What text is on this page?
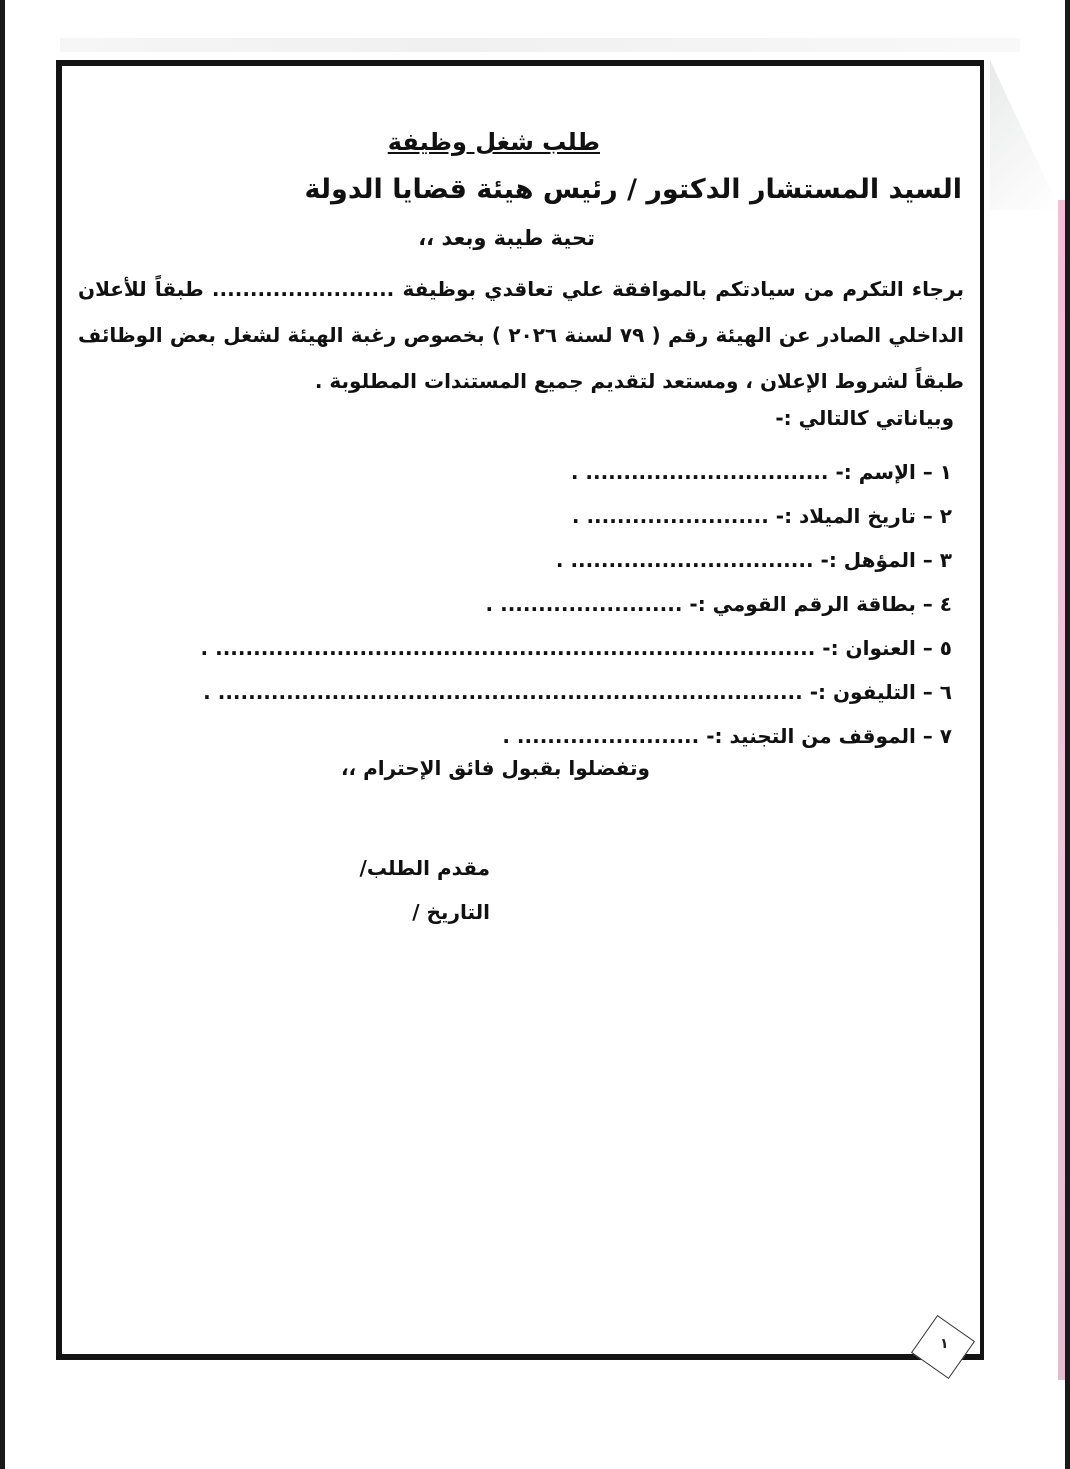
طلب شغل وظيفة
السيد المستشار الدكتور / رئيس هيئة قضايا الدولة
تحية طيبة وبعد ،،
برجاء التكرم من سيادتكم بالموافقة علي تعاقدي بوظيفة ........................ طبقاً للأعلان
الداخلي الصادر عن الهيئة رقم ( ٧٩ لسنة ٢٠٢٦ ) بخصوص رغبة الهيئة لشغل بعض الوظائف
طبقاً لشروط الإعلان ، ومستعد لتقديم جميع المستندات المطلوبة .
وبياناتي كالتالي :-
١ – الإسم :- ................................ .
٢ – تاريخ الميلاد :- ........................ .
٣ – المؤهل :- ................................ .
٤ – بطاقة الرقم القومي :- ........................ .
٥ – العنوان :- ............................................................................... .
٦ – التليفون :- ............................................................................. .
٧ – الموقف من التجنيد :- ........................ .
وتفضلوا بقبول فائق الإحترام ،،
مقدم الطلب/
التاريخ /
١
